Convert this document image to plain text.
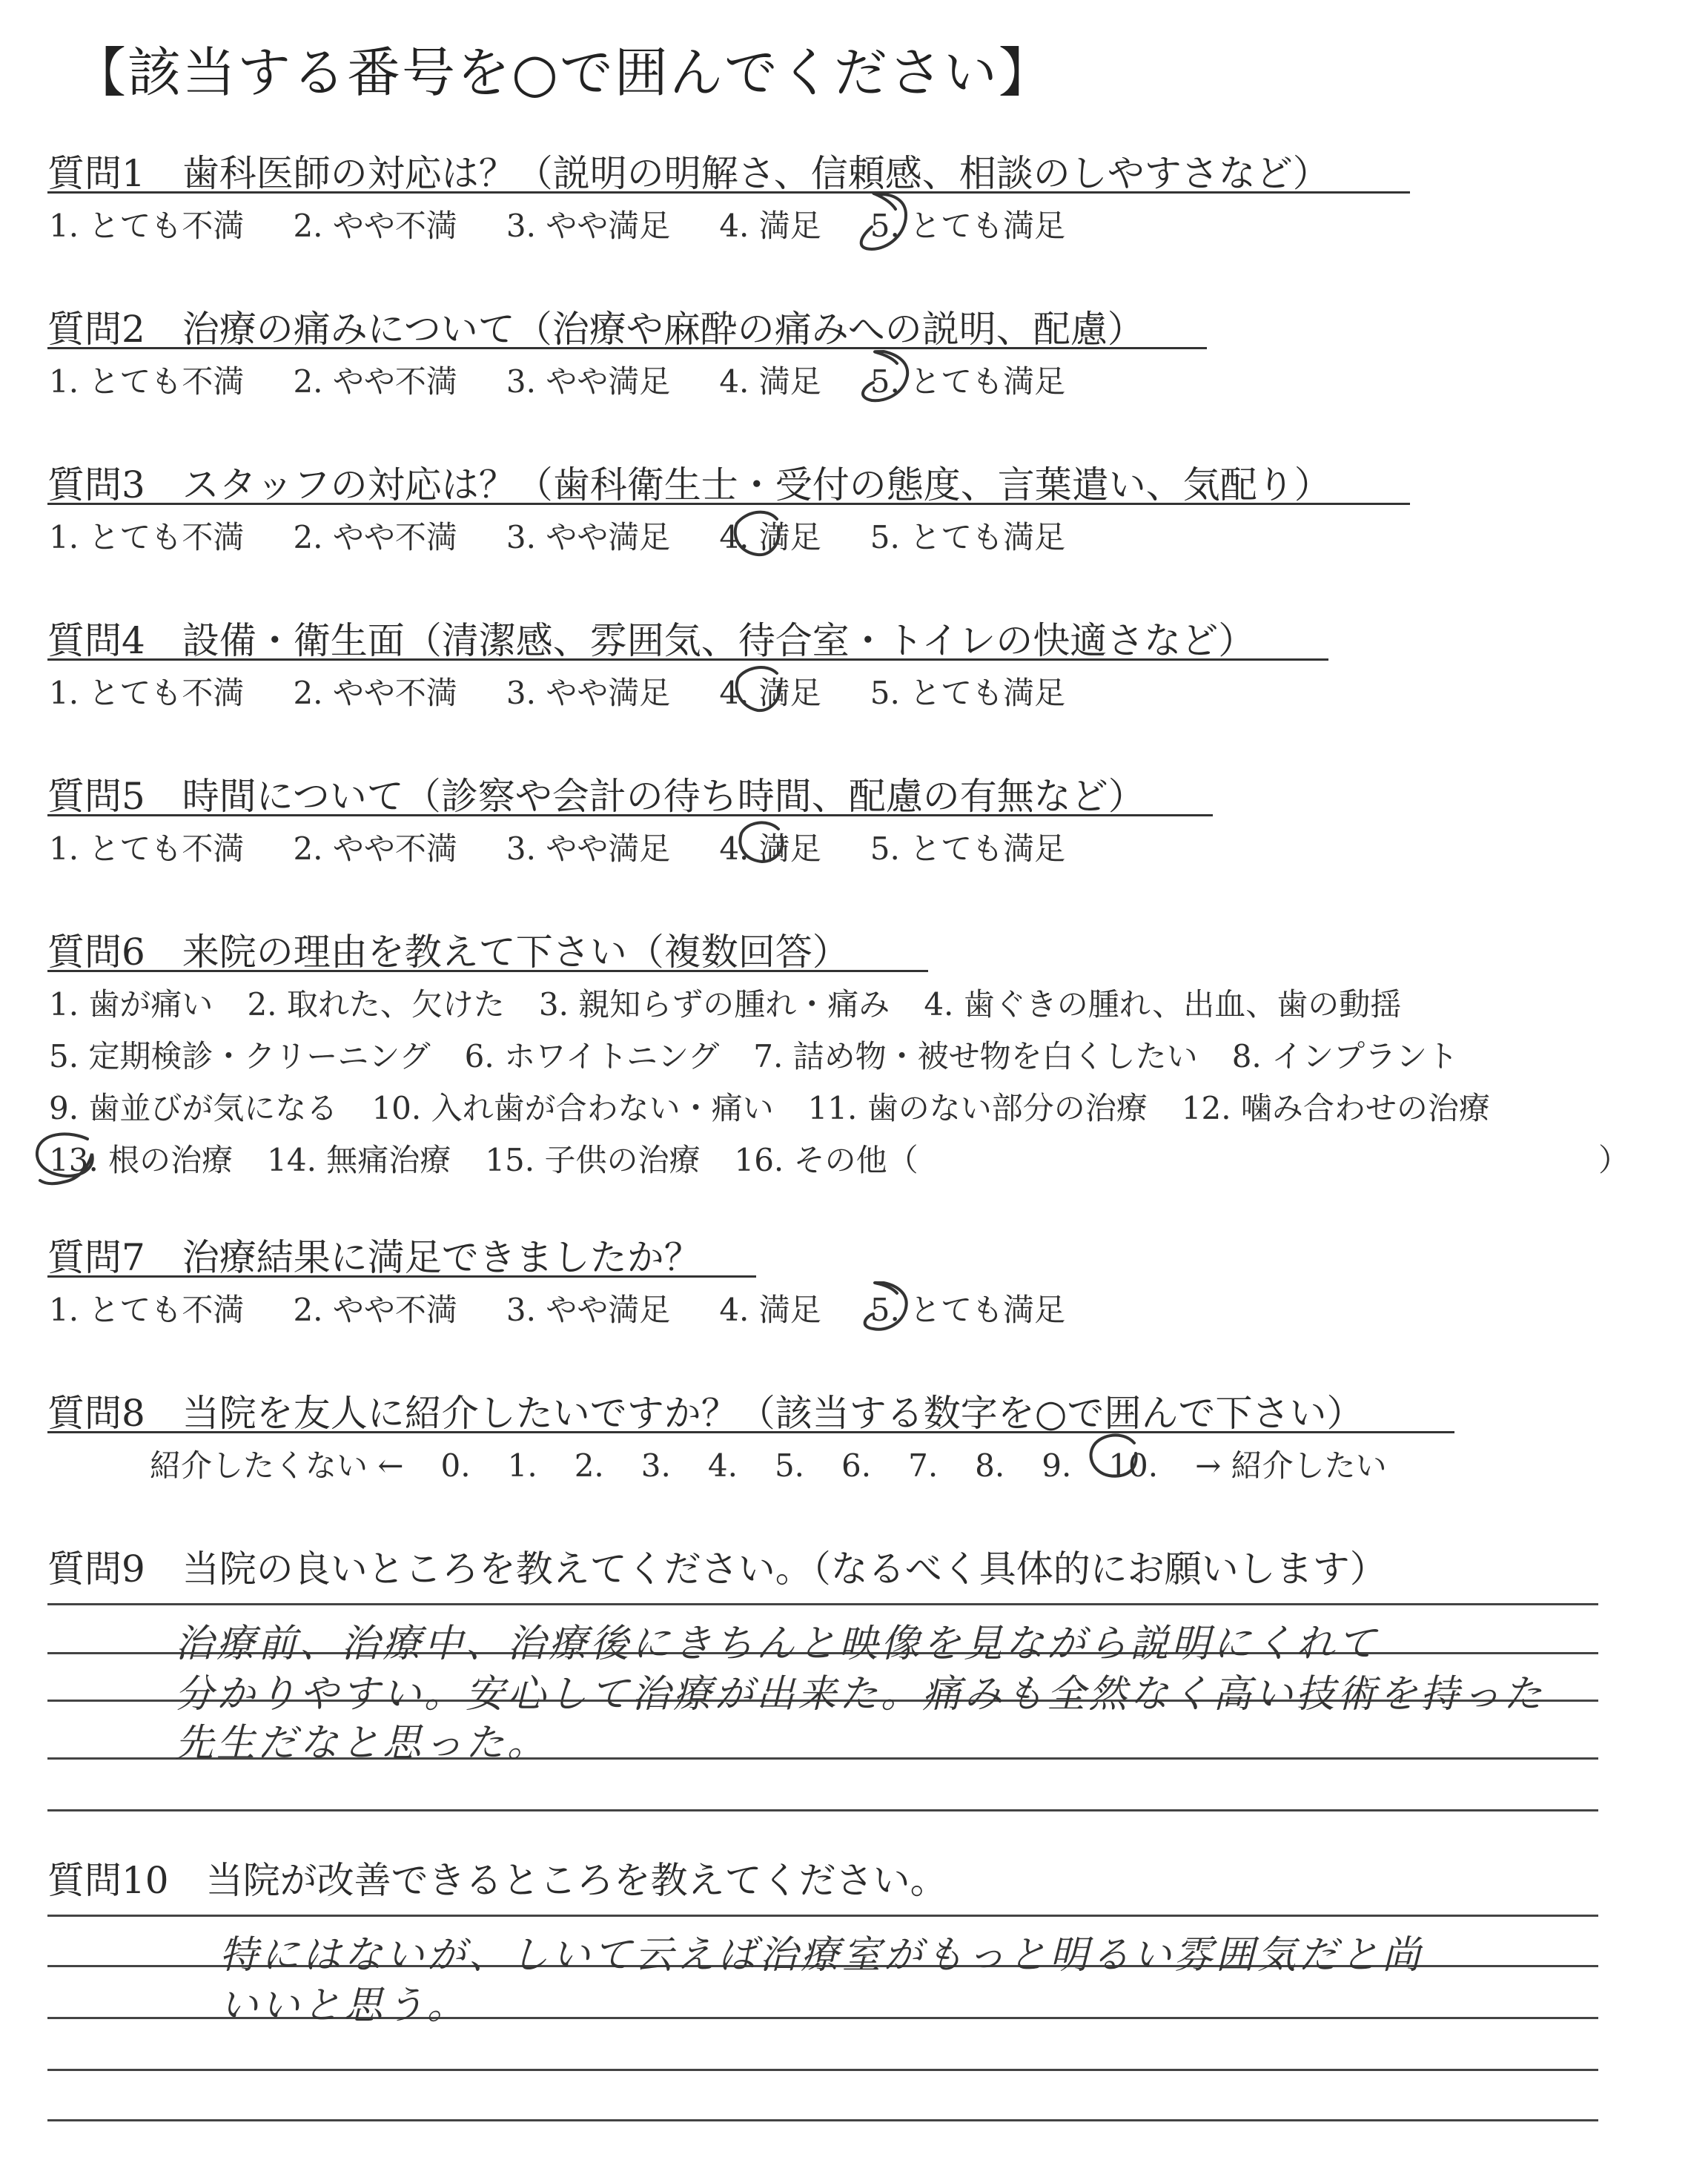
【該当する番号を○で囲んでください】
質問1　歯科医師の対応は？（説明の明解さ、信頼感、相談のしやすさなど）
1. とても不満 2. やや不満 3. やや満足 4. 満足 5. とても満足
質問2　治療の痛みについて（治療や麻酔の痛みへの説明、配慮）
1. とても不満 2. やや不満 3. やや満足 4. 満足 5. とても満足
質問3　スタッフの対応は？（歯科衛生士・受付の態度、言葉遣い、気配り）
1. とても不満 2. やや不満 3. やや満足 4. 満足 5. とても満足
質問4　設備・衛生面（清潔感、雰囲気、待合室・トイレの快適さなど）
1. とても不満 2. やや不満 3. やや満足 4. 満足 5. とても満足
質問5　時間について（診察や会計の待ち時間、配慮の有無など）
1. とても不満 2. やや不満 3. やや満足 4. 満足 5. とても満足
質問6　来院の理由を教えて下さい（複数回答）
1. 歯が痛い 2. 取れた、欠けた 3. 親知らずの腫れ・痛み 4. 歯ぐきの腫れ、出血、歯の動揺
5. 定期検診・クリーニング 6. ホワイトニング 7. 詰め物・被せ物を白くしたい 8. インプラント
9. 歯並びが気になる 10. 入れ歯が合わない・痛い 11. 歯のない部分の治療 12. 噛み合わせの治療
13. 根の治療 14. 無痛治療 15. 子供の治療 16. その他（	）
質問7　治療結果に満足できましたか？
1. とても不満 2. やや不満 3. やや満足 4. 満足 5. とても満足
質問8　当院を友人に紹介したいですか？（該当する数字を○で囲んで下さい）
紹介したくない ← 0. 1. 2. 3. 4. 5. 6. 7. 8. 9. 10. → 紹介したい
質問9　当院の良いところを教えてください。（なるべく具体的にお願いします）
治療前、治療中、治療後にきちんと映像を見ながら説明にくれて
分かりやすい。安心して治療が出来た。痛みも全然なく高い技術を持った
先生だなと思った。
質問10　当院が改善できるところを教えてください。
特にはないが、しいて云えば治療室がもっと明るい雰囲気だと尚
いいと思う。
